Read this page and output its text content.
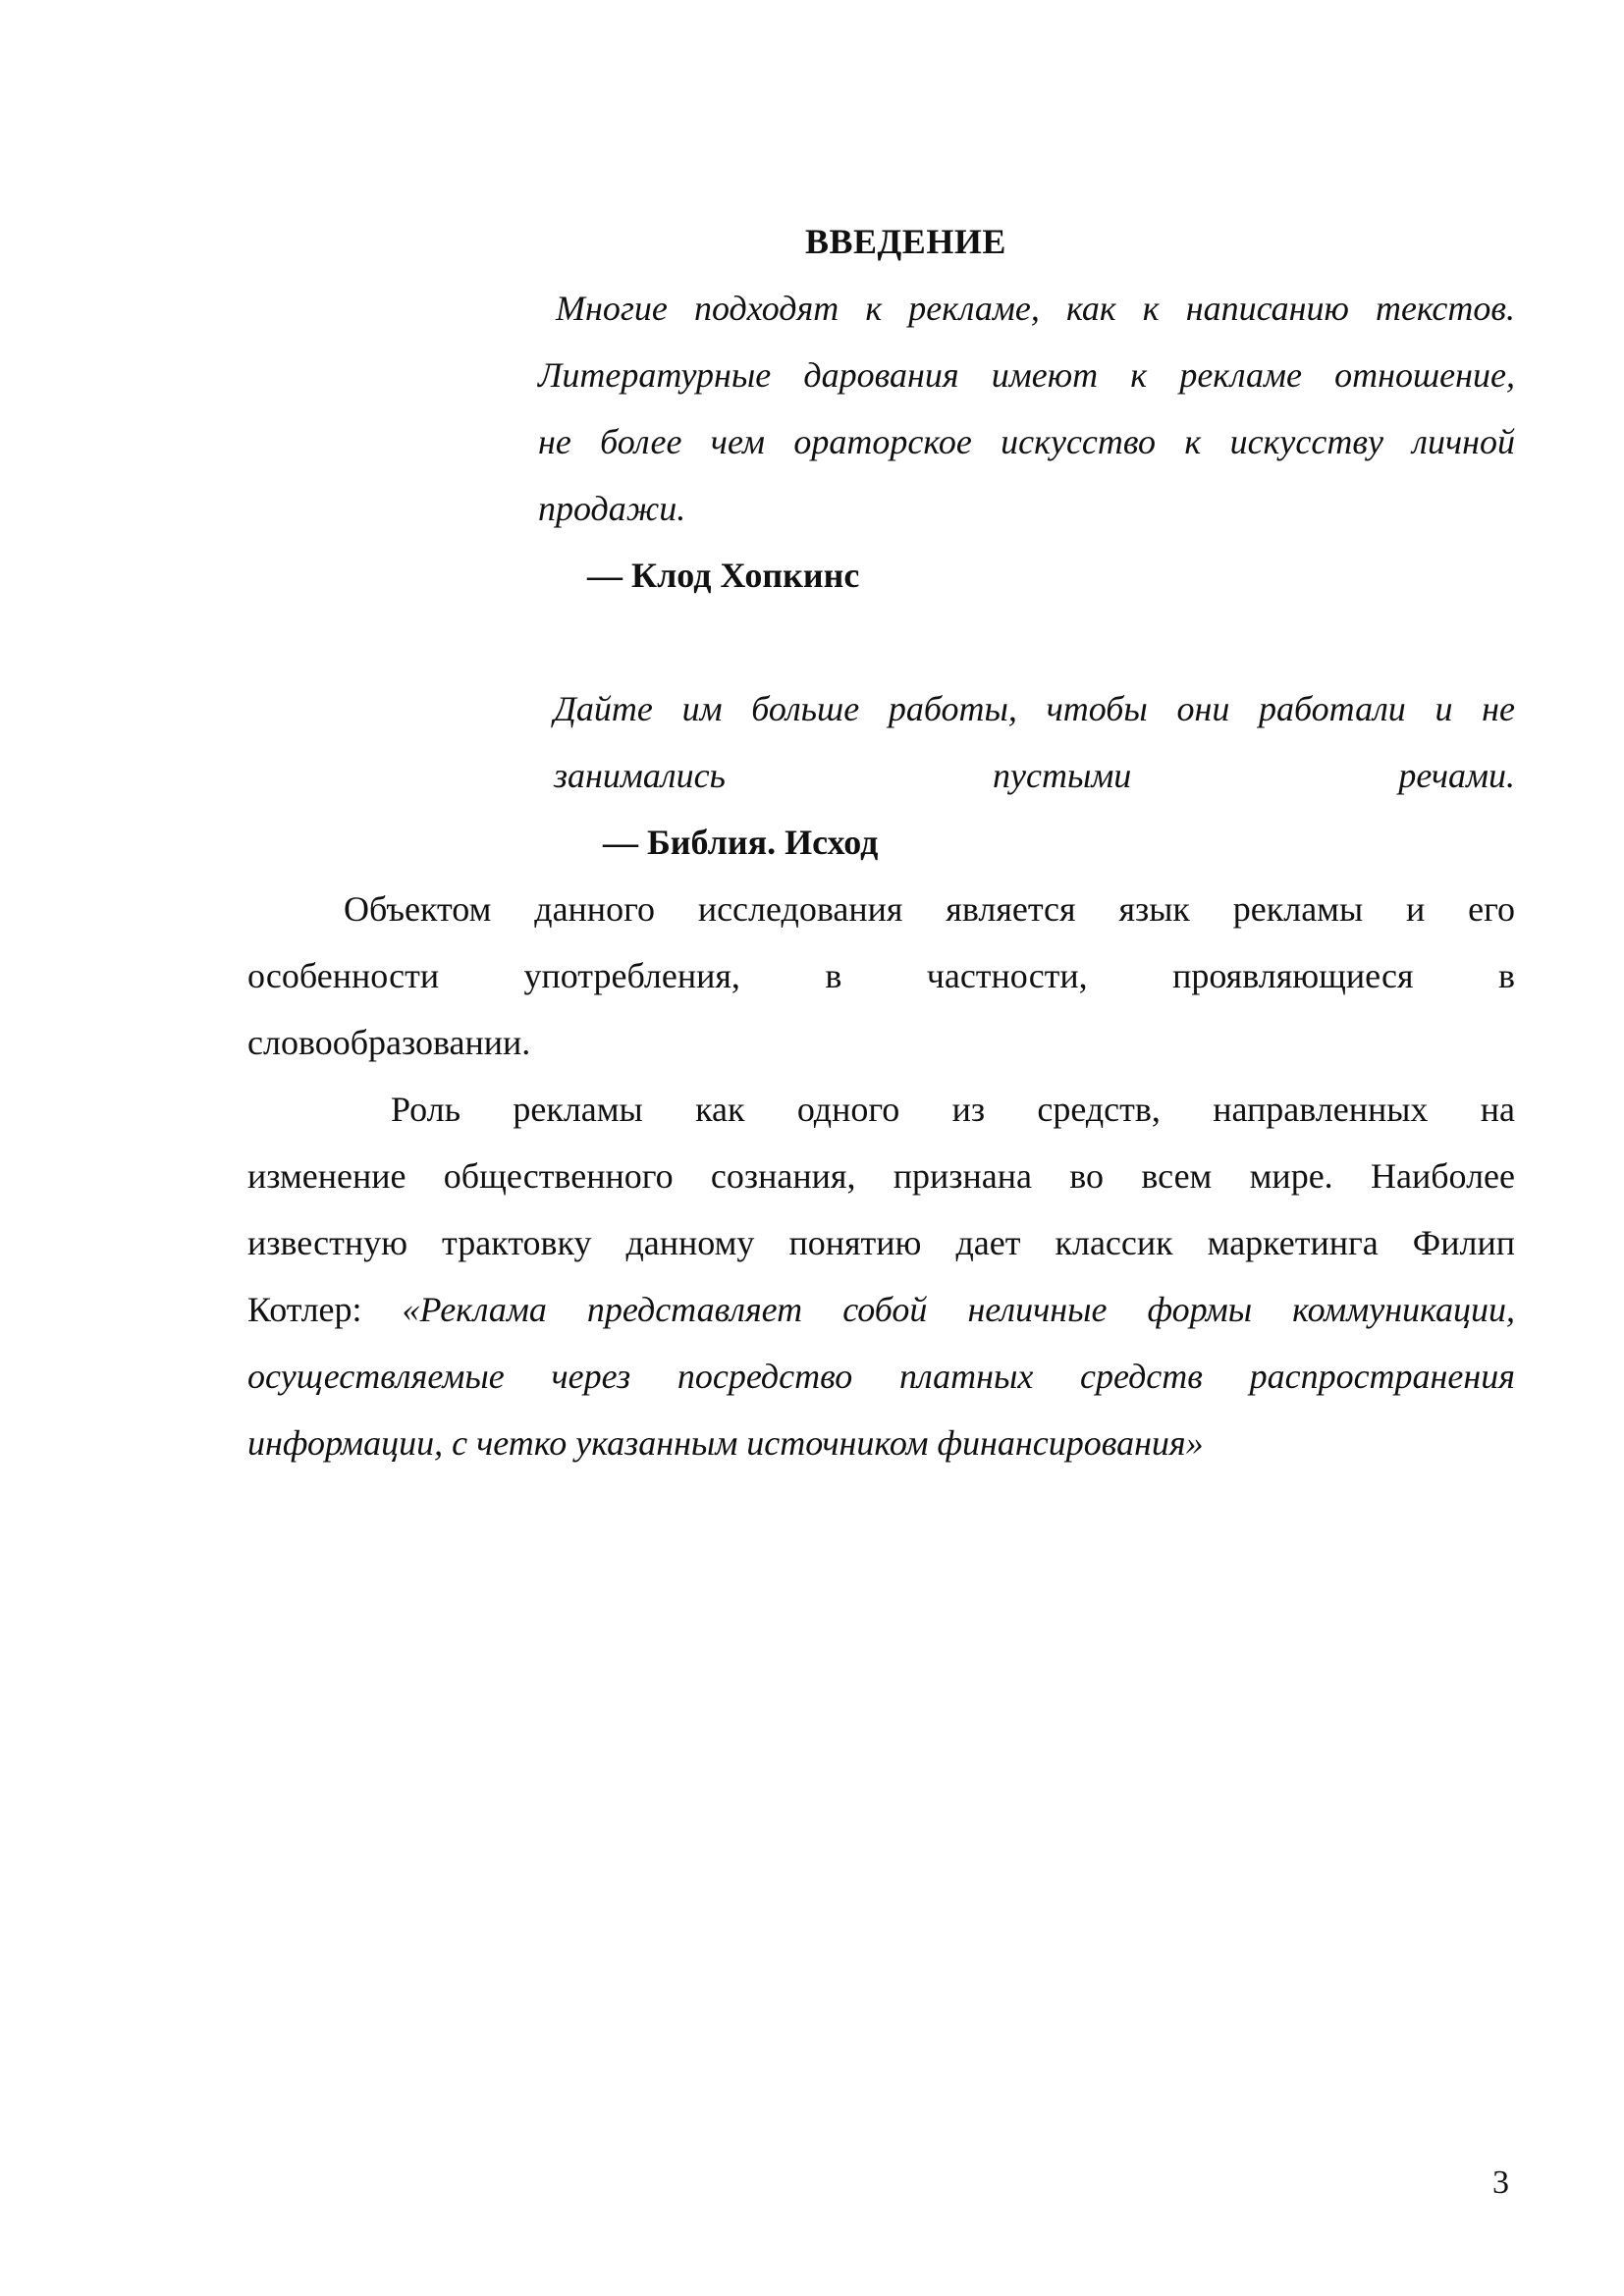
ВВЕДЕНИЕ
Многие подходят к рекламе, как к написанию текстов.
Литературные дарования имеют к рекламе отношение,
не более чем ораторское искусство к искусству личной
продажи.
— Клод Хопкинс
Дайте им больше работы, чтобы они работали и не
занимались пустыми речами.
— Библия. Исход
Объектом данного исследования является язык рекламы и его
особенности употребления, в частности, проявляющиеся в
словообразовании.
Роль рекламы как одного из средств, направленных на
изменение общественного сознания, признана во всем мире. Наиболее
известную трактовку данному понятию дает классик маркетинга Филип
Котлер: «Реклама представляет собой неличные формы коммуникации,
осуществляемые через посредство платных средств распространения
информации, с четко указанным источником финансирования»
3
